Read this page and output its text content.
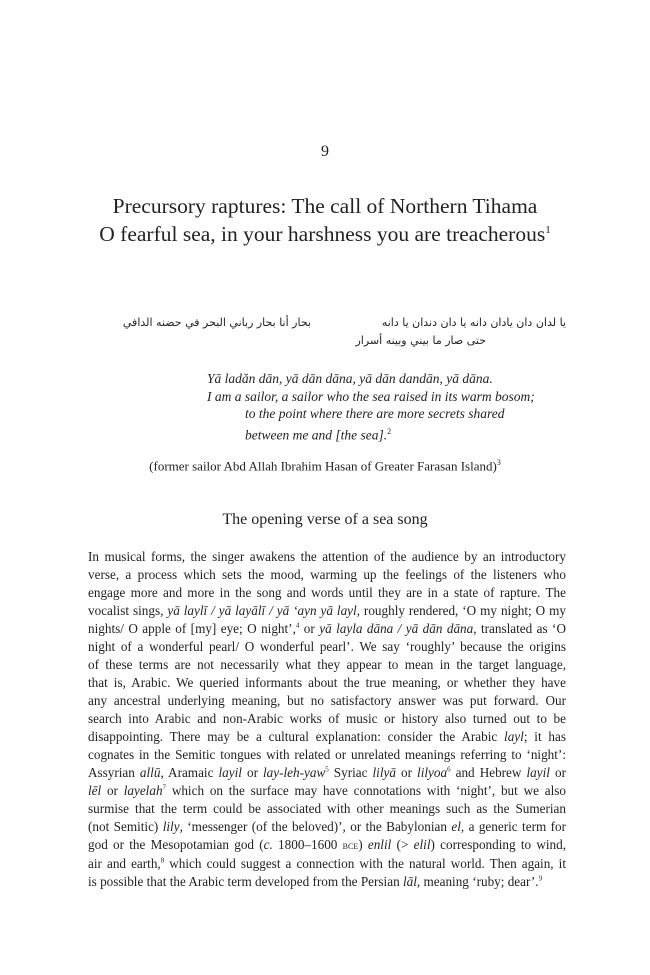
9
Precursory raptures: The call of Northern Tihama
O fearful sea, in your harshness you are treacherous$^1$
يا لدان دان يادان دانه يا دان دندان يا دانه
بحار أنا بحار رباني البحر في حضنه الدافي
حتى صار ما بيني وبينه أسرار
Yā ladăn dān, yā dān dāna, yā dān dandān, yā dāna.
I am a sailor, a sailor who the sea raised in its warm bosom;
to the point where there are more secrets shared
between me and [the sea].$^2$
(former sailor Abd Allah Ibrahim Hasan of Greater Farasan Island)$^3$
The opening verse of a sea song
In musical forms, the singer awakens the attention of the audience by an introductory
verse, a process which sets the mood, warming up the feelings of the listeners who
engage more and more in the song and words until they are in a state of rapture. The
vocalist sings, yā laylī / yā layālī / yā ‘ayn yā layl, roughly rendered, ‘O my night; O my
nights/ O apple of [my] eye; O night’,$^4$ or yā layla dāna / yā dān dāna, translated as ‘O
night of a wonderful pearl/ O wonderful pearl’. We say ‘roughly’ because the origins
of these terms are not necessarily what they appear to mean in the target language,
that is, Arabic. We queried informants about the true meaning, or whether they have
any ancestral underlying meaning, but no satisfactory answer was put forward. Our
search into Arabic and non-Arabic works of music or history also turned out to be
disappointing. There may be a cultural explanation: consider the Arabic layl; it has
cognates in the Semitic tongues with related or unrelated meanings referring to ‘night’:
Assyrian allū, Aramaic layil or lay-leh-yaw$^5$ Syriac lilyā or lilyoa$^6$ and Hebrew layil or
lēl or layelah$^7$ which on the surface may have connotations with ‘night’, but we also
surmise that the term could be associated with other meanings such as the Sumerian
(not Semitic) lily, ‘messenger (of the beloved)’, or the Babylonian el, a generic term for
god or the Mesopotamian god (c. 1800–1600 bce) enlil (> elil) corresponding to wind,
air and earth,$^8$ which could suggest a connection with the natural world. Then again, it
is possible that the Arabic term developed from the Persian lāl, meaning ‘ruby; dear’.$^9$
